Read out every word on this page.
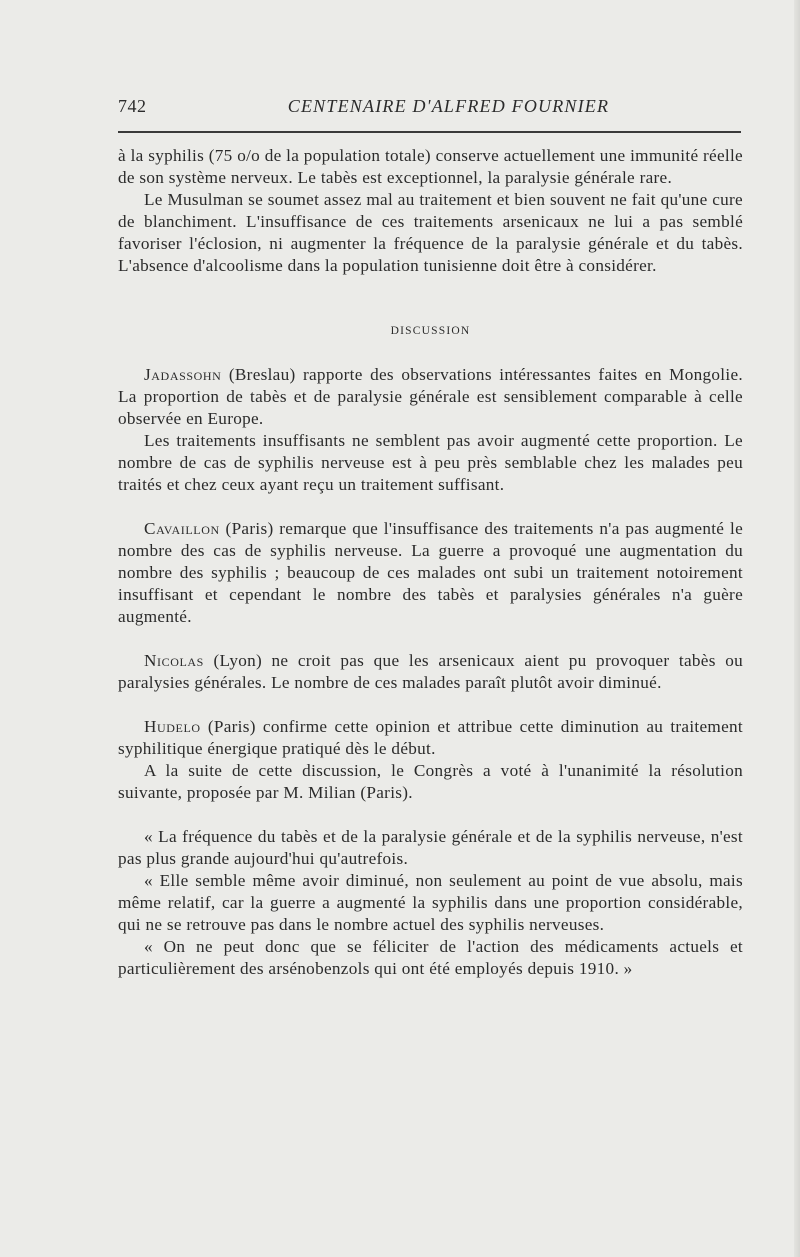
742	CENTENAIRE D'ALFRED FOURNIER

à la syphilis (75 o/o de la population totale) conserve actuellement une immunité réelle de son système nerveux. Le tabès est exceptionnel, la paralysie générale rare.

Le Musulman se soumet assez mal au traitement et bien souvent ne fait qu'une cure de blanchiment. L'insuffisance de ces traitements arsenicaux ne lui a pas semblé favoriser l'éclosion, ni augmenter la fréquence de la paralysie générale et du tabès. L'absence d'alcoolisme dans la population tunisienne doit être à considérer.

DISCUSSION

Jadassohn (Breslau) rapporte des observations intéressantes faites en Mongolie. La proportion de tabès et de paralysie générale est sensiblement comparable à celle observée en Europe.

Les traitements insuffisants ne semblent pas avoir augmenté cette proportion. Le nombre de cas de syphilis nerveuse est à peu près semblable chez les malades peu traités et chez ceux ayant reçu un traitement suffisant.

Cavaillon (Paris) remarque que l'insuffisance des traitements n'a pas augmenté le nombre des cas de syphilis nerveuse. La guerre a provoqué une augmentation du nombre des syphilis ; beaucoup de ces malades ont subi un traitement notoirement insuffisant et cependant le nombre des tabès et paralysies générales n'a guère augmenté.

Nicolas (Lyon) ne croit pas que les arsenicaux aient pu provoquer tabès ou paralysies générales. Le nombre de ces malades paraît plutôt avoir diminué.

Hudelo (Paris) confirme cette opinion et attribue cette diminution au traitement syphilitique énergique pratiqué dès le début.

A la suite de cette discussion, le Congrès a voté à l'unanimité la résolution suivante, proposée par M. Milian (Paris).

« La fréquence du tabès et de la paralysie générale et de la syphilis nerveuse, n'est pas plus grande aujourd'hui qu'autrefois.

« Elle semble même avoir diminué, non seulement au point de vue absolu, mais même relatif, car la guerre a augmenté la syphilis dans une proportion considérable, qui ne se retrouve pas dans le nombre actuel des syphilis nerveuses.

« On ne peut donc que se féliciter de l'action des médicaments actuels et particulièrement des arsénobenzols qui ont été employés depuis 1910. »
